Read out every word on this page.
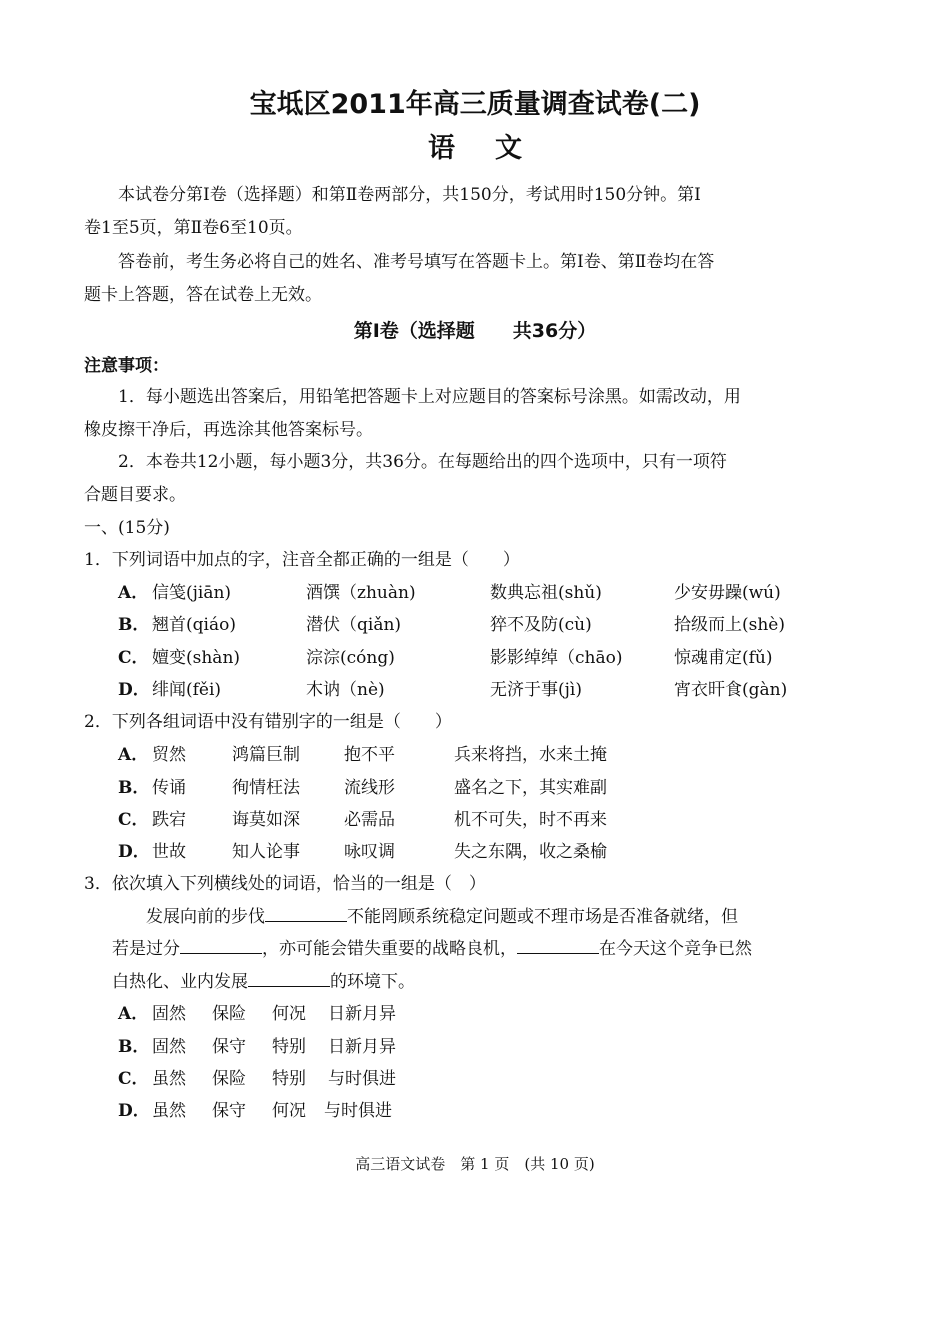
宝坻区2011年高三质量调查试卷(二)
语文
本试卷分第Ⅰ卷（选择题）和第Ⅱ卷两部分，共150分，考试用时150分钟。第Ⅰ
卷1至5页，第Ⅱ卷6至10页。
答卷前，考生务必将自己的姓名、准考号填写在答题卡上。第Ⅰ卷、第Ⅱ卷均在答
题卡上答题，答在试卷上无效。
第Ⅰ卷（选择题　　共36分）
注意事项：
1．每小题选出答案后，用铅笔把答题卡上对应题目的答案标号涂黑。如需改动，用
橡皮擦干净后，再选涂其他答案标号。
2．本卷共12小题，每小题3分，共36分。在每题给出的四个选项中，只有一项符
合题目要求。
一、(15分)
1．下列词语中加点的字，注音全都正确的一组是（　　）
A． 信笺(jiān)	酒馔（zhuàn)	数典忘祖(shǔ)	少安毋躁(wú)
B． 翘首(qiáo)	潜伏（qiǎn)	猝不及防(cù)	拾级而上(shè)
C． 嬗变(shàn)	淙淙(cóng)	影影绰绰（chāo)	惊魂甫定(fǔ)
D． 绯闻(fěi)	木讷（nè)	无济于事(jì)	宵衣旰食(gàn)
2．下列各组词语中没有错别字的一组是（　　）
A． 贸然	鸿篇巨制	抱不平	兵来将挡，水来土掩
B． 传诵	徇情枉法	流线形	盛名之下，其实难副
C． 跌宕	诲莫如深	必需品	机不可失，时不再来
D． 世故	知人论事	咏叹调	失之东隅，收之桑榆
3．依次填入下列横线处的词语，恰当的一组是（　）
发展向前的步伐	不能罔顾系统稳定问题或不理市场是否准备就绪，但
若是过分	，亦可能会错失重要的战略良机，	在今天这个竞争已然
白热化、业内发展	的环境下。
A． 固然 保险 何况 日新月异
B． 固然 保守 特别 日新月异
C． 虽然 保险 特别 与时俱进
D． 虽然 保守 何况 与时俱进
高三语文试卷　第 1 页　(共 10 页)
